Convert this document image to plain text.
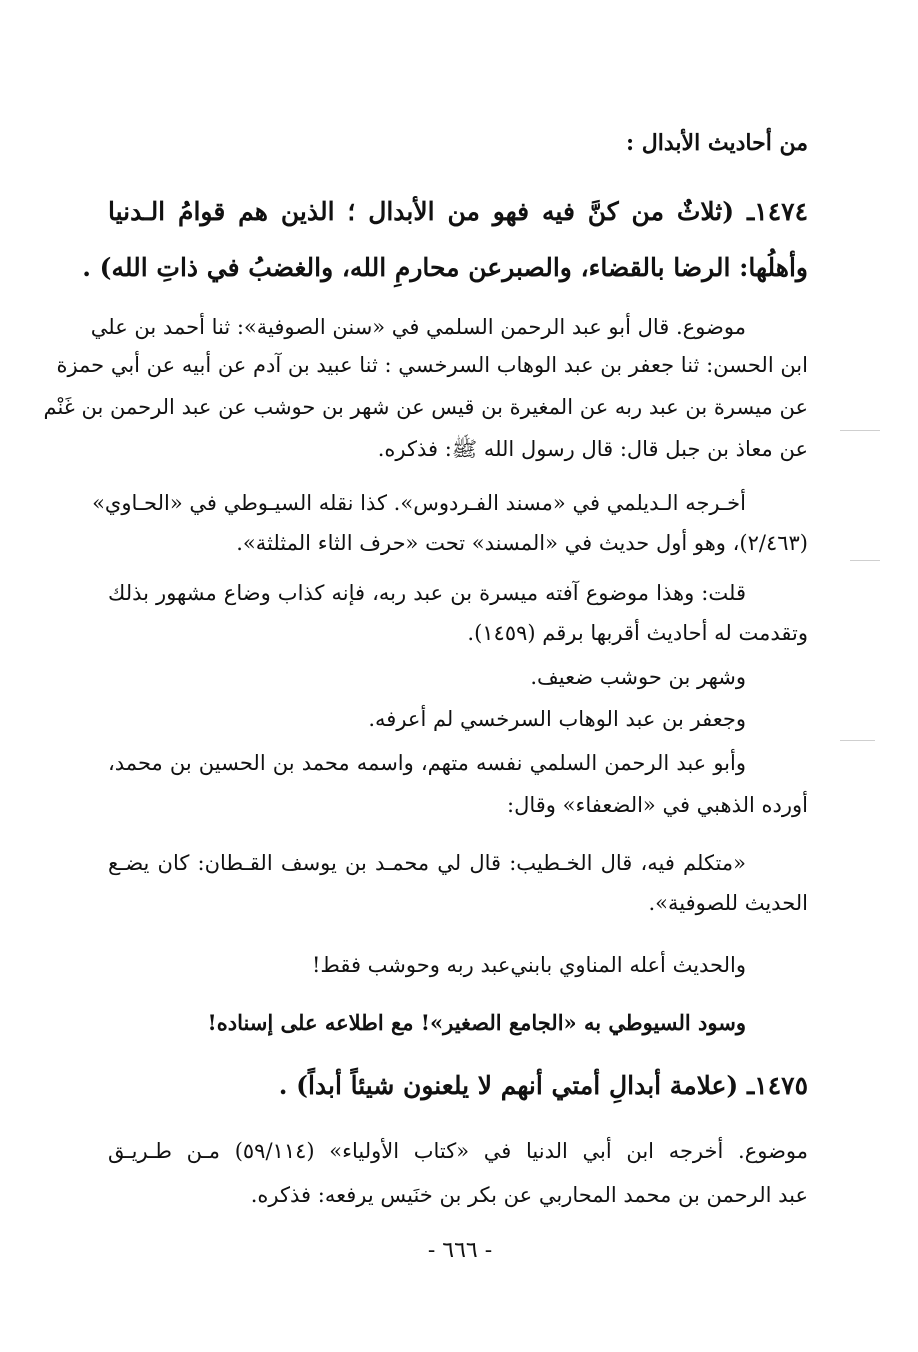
من أحاديث الأبدال :
١٤٧٤ـ (ثلاثٌ من كنَّ فيه فهو من الأبدال ؛ الذين هم قوامُ الـدنيا
وأهلُها: الرضا بالقضاء، والصبرعن محارمِ الله، والغضبُ في ذاتِ الله) .
موضوع. قال أبو عبد الرحمن السلمي في «سنن الصوفية»: ثنا أحمد بن علي
ابن الحسن: ثنا جعفر بن عبد الوهاب السرخسي : ثنا عبيد بن آدم عن أبيه عن أبي حمزة
عن ميسرة بن عبد ربه عن المغيرة بن قيس عن شهر بن حوشب عن عبد الرحمن بن غَنْم
عن معاذ بن جبل قال: قال رسول الله ﷺ: فذكره.
أخـرجه الـديلمي في «مسند الفـردوس». كذا نقله السيـوطي في «الحـاوي»
(٢/٤٦٣)، وهو أول حديث في «المسند» تحت «حرف الثاء المثلثة».
قلت: وهذا موضوع آفته ميسرة بن عبد ربه، فإنه كذاب وضاع مشهور بذلك
وتقدمت له أحاديث أقربها برقم (١٤٥٩).
وشهر بن حوشب ضعيف.
وجعفر بن عبد الوهاب السرخسي لم أعرفه.
وأبو عبد الرحمن السلمي نفسه متهم، واسمه محمد بن الحسين بن محمد،
أورده الذهبي في «الضعفاء» وقال:
«متكلم فيه، قال الخـطيب: قال لي محمـد بن يوسف القـطان: كان يضـع
الحديث للصوفية».
والحديث أعله المناوي بابني‌عبد ربه وحوشب فقط!
وسود السيوطي به «الجامع الصغير»! مع اطلاعه على إسناده!
١٤٧٥ـ (علامة أبدالِ أمتي أنهم لا يلعنون شيئاً أبداً) .
موضوع. أخرجه ابن أبي الدنيا في «كتاب الأولياء» (٥٩/١١٤) مـن طـريـق
عبد الرحمن بن محمد المحاربي عن بكر بن خنَيس يرفعه: فذكره.
- ٦٦٦ -
